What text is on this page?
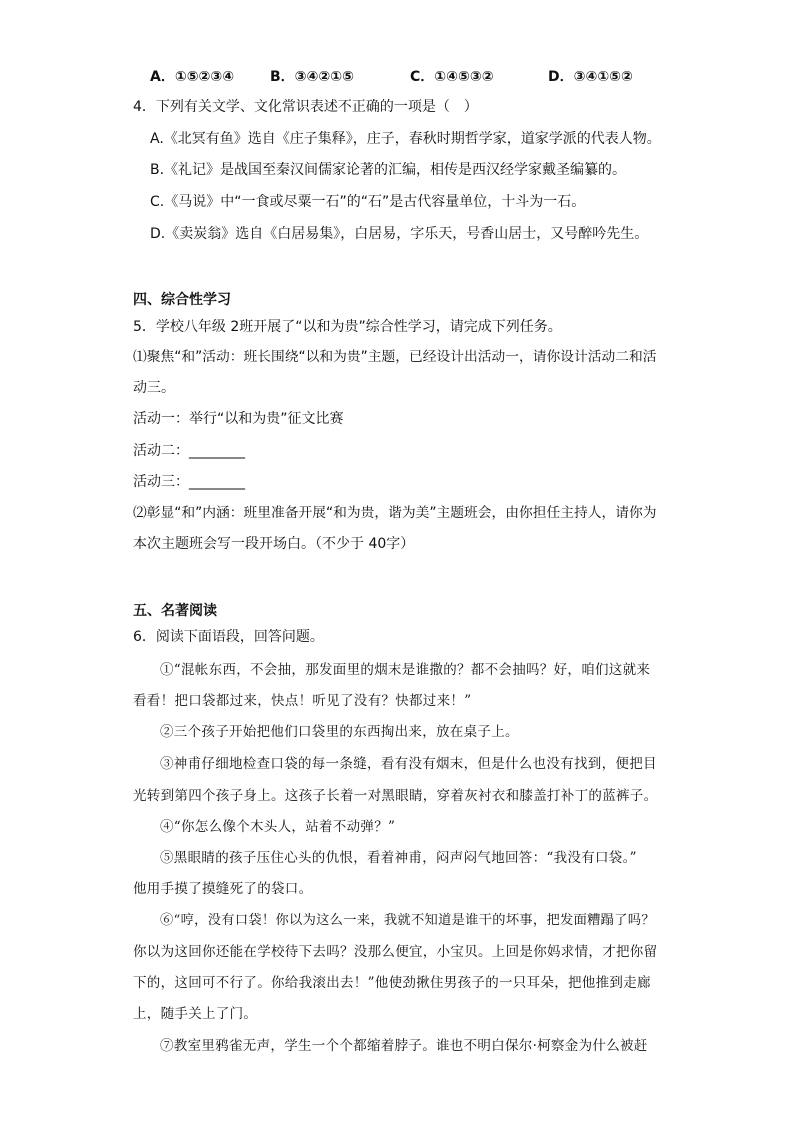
A．①⑤②③④	B．③④②①⑤	C．①④⑤③②	D．③④①⑤②
4．下列有关文学、文化常识表述不正确的一项是（　）
A.《北冥有鱼》选自《庄子集释》，庄子，春秋时期哲学家，道家学派的代表人物。
B.《礼记》是战国至秦汉间儒家论著的汇编，相传是西汉经学家戴圣编纂的。
C.《马说》中“一食或尽粟一石”的“石”是古代容量单位，十斗为一石。
D.《卖炭翁》选自《白居易集》，白居易，字乐天，号香山居士，又号醉吟先生。
四、综合性学习
5．学校八年级 2班开展了“以和为贵”综合性学习，请完成下列任务。
⑴聚焦“和”活动：班长围绕“以和为贵”主题，已经设计出活动一，请你设计活动二和活
动三。
活动一：举行“以和为贵”征文比赛
活动二：________
活动三：________
⑵彰显“和”内涵：班里准备开展“和为贵，谐为美”主题班会，由你担任主持人，请你为
本次主题班会写一段开场白。（不少于 40字）
五、名著阅读
6．阅读下面语段，回答问题。
①“混帐东西，不会抽，那发面里的烟末是谁撒的？都不会抽吗？好，咱们这就来
看看！把口袋都过来，快点！听见了没有？快都过来！”
②三个孩子开始把他们口袋里的东西掏出来，放在桌子上。
③神甫仔细地检查口袋的每一条缝，看有没有烟末，但是什么也没有找到，便把目
光转到第四个孩子身上。这孩子长着一对黑眼睛，穿着灰衬衣和膝盖打补丁的蓝裤子。
④“你怎么像个木头人，站着不动弹？”
⑤黑眼睛的孩子压住心头的仇恨，看着神甫，闷声闷气地回答：“我没有口袋。”
他用手摸了摸缝死了的袋口。
⑥“哼，没有口袋！你以为这么一来，我就不知道是谁干的坏事，把发面糟蹋了吗？
你以为这回你还能在学校待下去吗？没那么便宜，小宝贝。上回是你妈求情，才把你留
下的，这回可不行了。你给我滚出去！”他使劲揪住男孩子的一只耳朵，把他推到走廊
上，随手关上了门。
⑦教室里鸦雀无声，学生一个个都缩着脖子。谁也不明白保尔·柯察金为什么被赶
